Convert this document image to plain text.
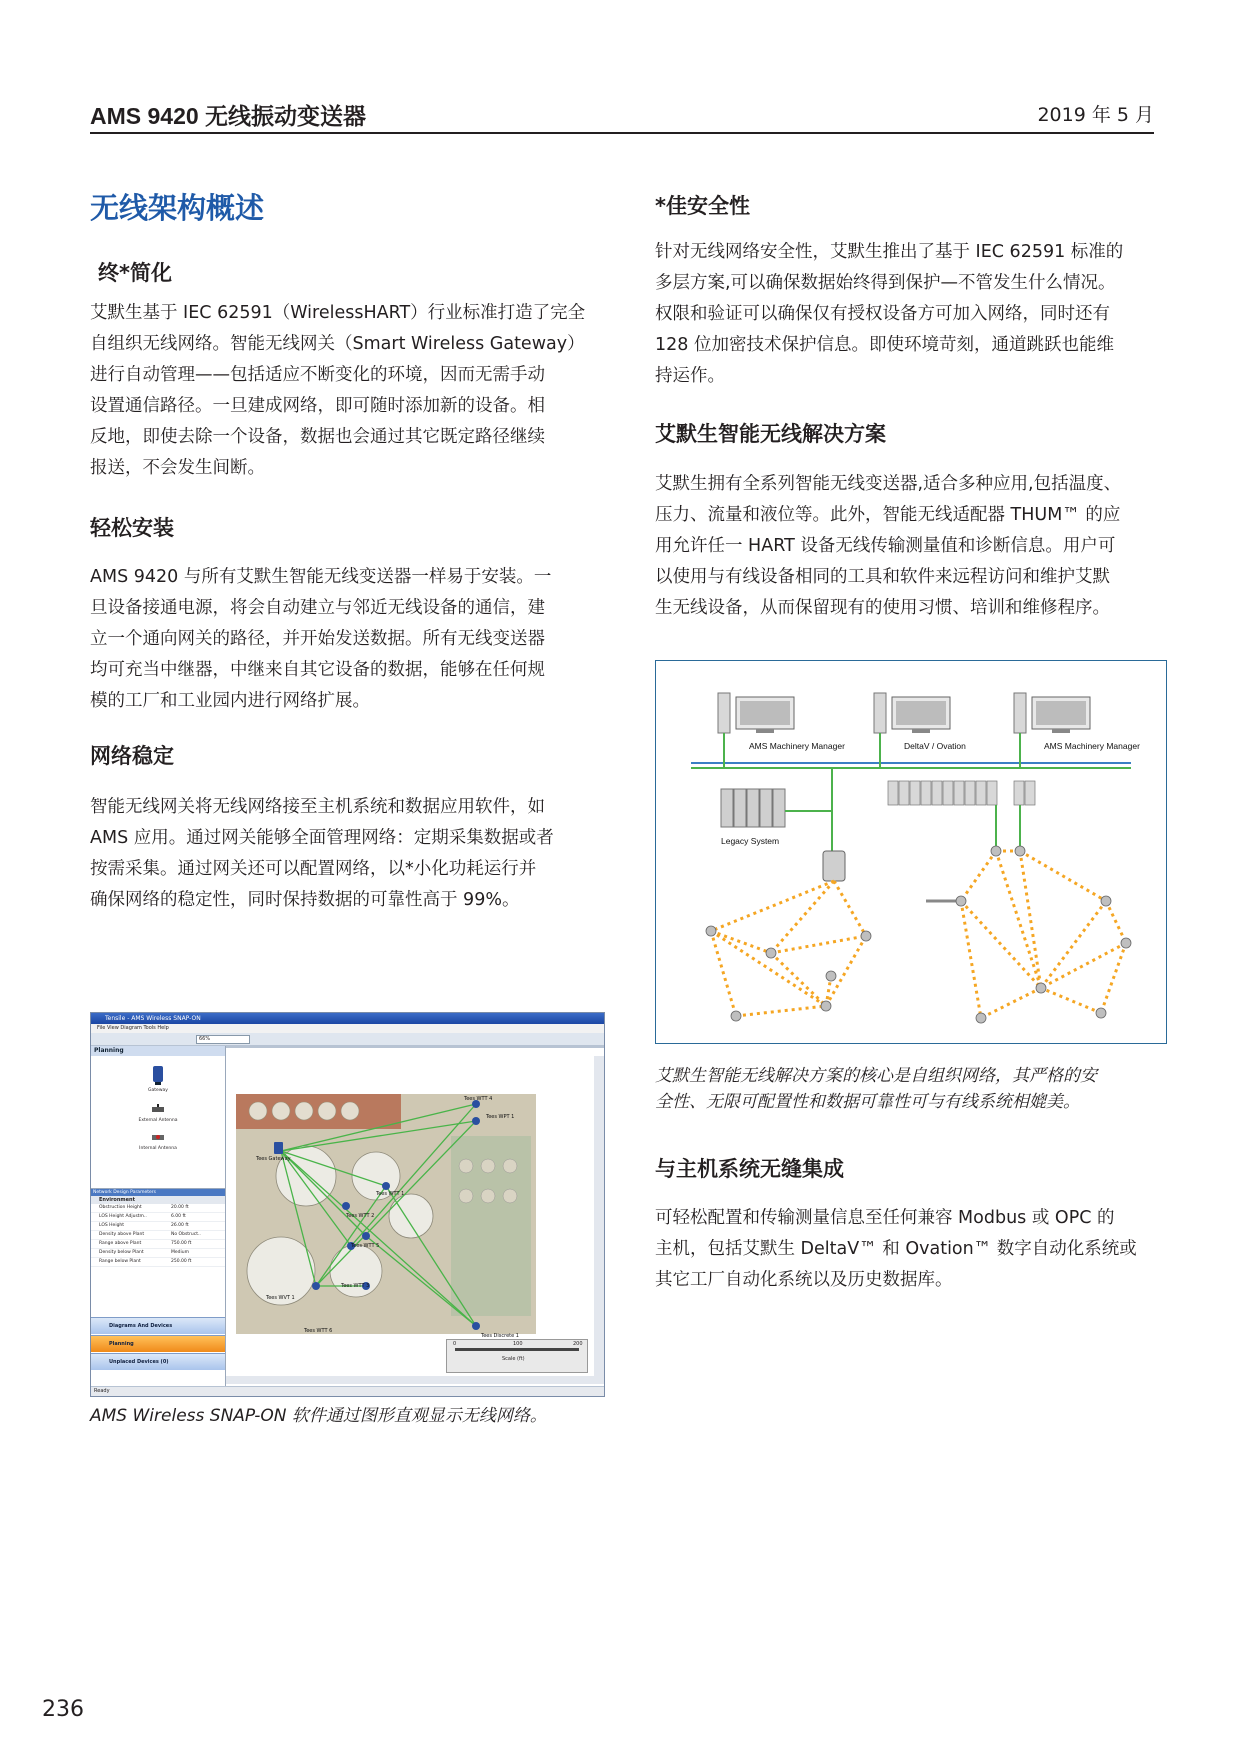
AMS 9420 无线振动变送器	2019 年 5 月
无线架构概述
终*简化
艾默生基于 IEC 62591（WirelessHART）行业标准打造了完全
自组织无线网络。智能无线网关（Smart Wireless Gateway）
进行自动管理——包括适应不断变化的环境，因而无需手动
设置通信路径。一旦建成网络，即可随时添加新的设备。相
反地，即使去除一个设备，数据也会通过其它既定路径继续
报送，不会发生间断。
轻松安装
AMS 9420 与所有艾默生智能无线变送器一样易于安装。一
旦设备接通电源，将会自动建立与邻近无线设备的通信，建
立一个通向网关的路径，并开始发送数据。所有无线变送器
均可充当中继器，中继来自其它设备的数据，能够在任何规
模的工厂和工业园内进行网络扩展。
网络稳定
智能无线网关将无线网络接至主机系统和数据应用软件，如
AMS 应用。通过网关能够全面管理网络：定期采集数据或者
按需采集。通过网关还可以配置网络，以*小化功耗运行并
确保网络的稳定性，同时保持数据的可靠性高于 99%。
Tensile - AMS Wireless SNAP-ON
File View Diagram Tools Help
66%
Planning
Gateway
External Antenna
Internal Antenna
Network Design Parameters
Environment
Obstruction Height	20.00 ft
LOS Height Adjustm..	6.00 ft
LOS Height	26.00 ft
Density above Plant	No Obstruct..
Range above Plant	750.00 ft
Density below Plant	Medium
Range below Plant	250.00 ft
Diagrams And Devices
Planning
Unplaced Devices (0)
Tees WTT 4
Tees WPT 1
Tees Gateway
Tees WTT 1
Tees WTT 2
Tees WTT 5
Tees WTT 3
Tees WVT 1
Tees WTT 6
Tees Discrete 1
0	100	200
Scale (ft)
Ready
AMS Wireless SNAP-ON 软件通过图形直观显示无线网络。
*佳安全性
针对无线网络安全性，艾默生推出了基于 IEC 62591 标准的
多层方案,可以确保数据始终得到保护—不管发生什么情况。
权限和验证可以确保仅有授权设备方可加入网络，同时还有
128 位加密技术保护信息。即使环境苛刻，通道跳跃也能维
持运作。
艾默生智能无线解决方案
艾默生拥有全系列智能无线变送器,适合多种应用,包括温度、
压力、流量和液位等。此外，智能无线适配器 THUM™ 的应
用允许任一 HART 设备无线传输测量值和诊断信息。用户可
以使用与有线设备相同的工具和软件来远程访问和维护艾默
生无线设备，从而保留现有的使用习惯、培训和维修程序。
AMS Machinery Manager	DeltaV / Ovation	AMS Machinery Manager
Legacy System
艾默生智能无线解决方案的核心是自组织网络，其严格的安
全性、无限可配置性和数据可靠性可与有线系统相媲美。
与主机系统无缝集成
可轻松配置和传输测量信息至任何兼容 Modbus 或 OPC 的
主机，包括艾默生 DeltaV™ 和 Ovation™ 数字自动化系统或
其它工厂自动化系统以及历史数据库。
236
